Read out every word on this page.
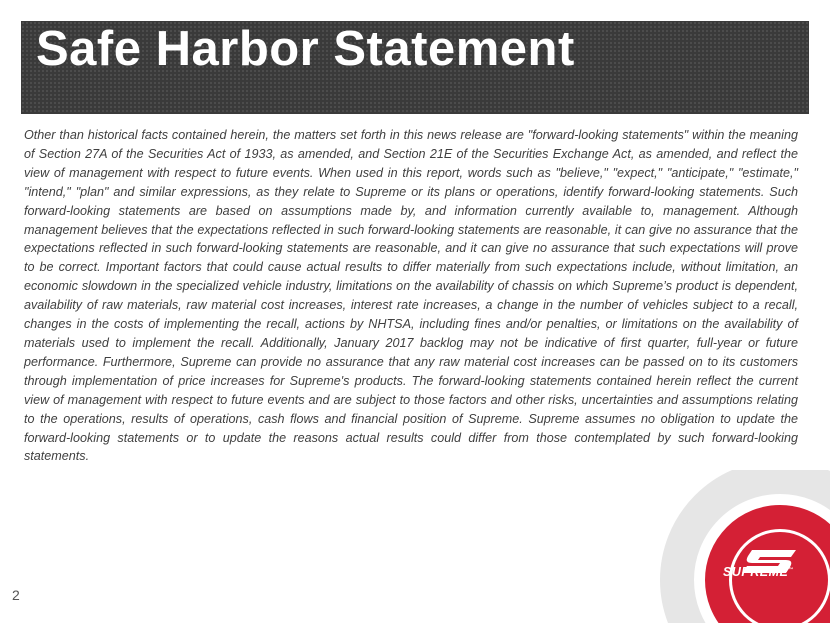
Safe Harbor Statement

Other than historical facts contained herein, the matters set forth in this news release are "forward-looking statements" within the meaning of Section 27A of the Securities Act of 1933, as amended, and Section 21E of the Securities Exchange Act, as amended, and reflect the view of management with respect to future events. When used in this report, words such as "believe," "expect," "anticipate," "estimate," "intend," "plan" and similar expressions, as they relate to Supreme or its plans or operations, identify forward-looking statements. Such forward-looking statements are based on assumptions made by, and information currently available to, management. Although management believes that the expectations reflected in such forward-looking statements are reasonable, it can give no assurance that the expectations reflected in such forward-looking statements are reasonable, and it can give no assurance that such expectations will prove to be correct. Important factors that could cause actual results to differ materially from such expectations include, without limitation, an economic slowdown in the specialized vehicle industry, limitations on the availability of chassis on which Supreme’s product is dependent, availability of raw materials, raw material cost increases, interest rate increases, a change in the number of vehicles subject to a recall, changes in the costs of implementing the recall, actions by NHTSA, including fines and/or penalties, or limitations on the availability of materials used to implement the recall. Additionally, January 2017 backlog may not be indicative of first quarter, full-year or future performance. Furthermore, Supreme can provide no assurance that any raw material cost increases can be passed on to its customers through implementation of price increases for Supreme's products. The forward-looking statements contained herein reflect the current view of management with respect to future events and are subject to those factors and other risks, uncertainties and assumptions relating to the operations, results of operations, cash flows and financial position of Supreme. Supreme assumes no obligation to update the forward-looking statements or to update the reasons actual results could differ from those contemplated by such forward-looking statements.

2
SUPREME™
